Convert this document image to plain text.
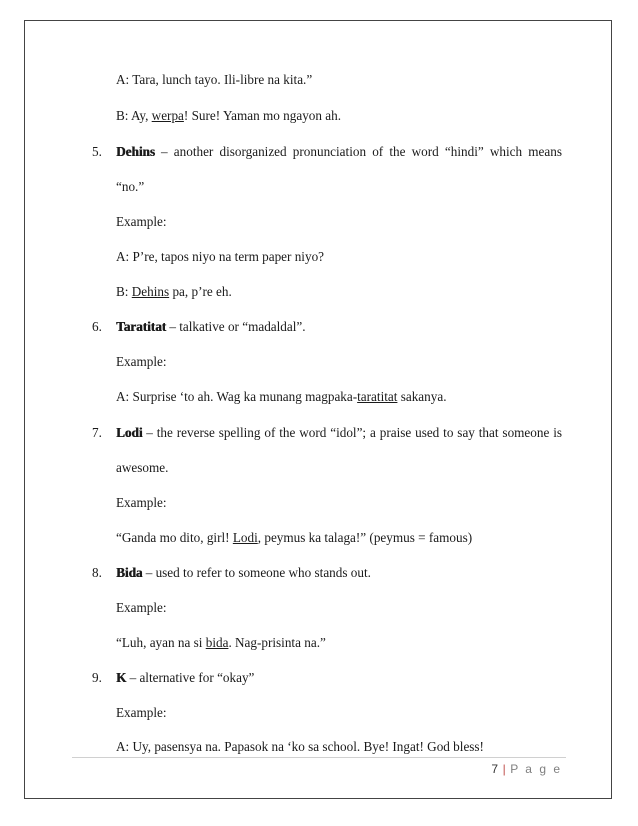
A: Tara, lunch tayo. Ili-libre na kita.”
B: Ay, werpa! Sure! Yaman mo ngayon ah.
5. Dehins – another disorganized pronunciation of the word “hindi” which means
“no.”
Example:
A: P’re, tapos niyo na term paper niyo?
B: Dehins pa, p’re eh.
6. Taratitat – talkative or “madaldal”.
Example:
A: Surprise ‘to ah. Wag ka munang magpaka-taratitat sakanya.
7. Lodi – the reverse spelling of the word “idol”; a praise used to say that someone is
awesome.
Example:
“Ganda mo dito, girl! Lodi, peymus ka talaga!” (peymus = famous)
8. Bida – used to refer to someone who stands out.
Example:
“Luh, ayan na si bida. Nag-prisinta na.”
9. K – alternative for “okay”
Example:
A: Uy, pasensya na. Papasok na ‘ko sa school. Bye! Ingat! God bless!
7 | P a g e
